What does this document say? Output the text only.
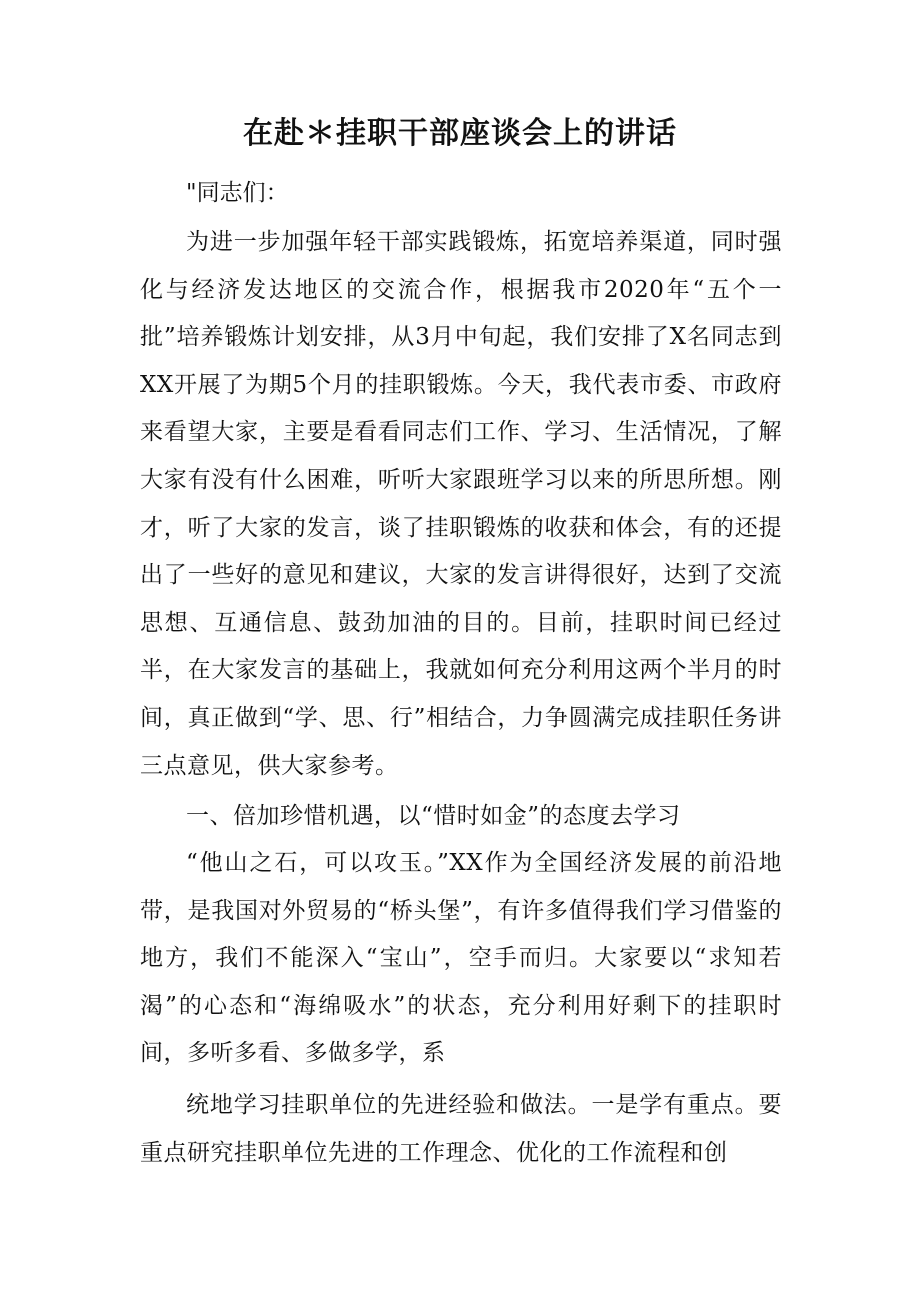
在赴＊挂职干部座谈会上的讲话
"同志们：

为进一步加强年轻干部实践锻炼，拓宽培养渠道，同时强化与经济发达地区的交流合作，根据我市2020年“五个一批”培养锻炼计划安排，从3月中旬起，我们安排了X名同志到XX开展了为期5个月的挂职锻炼。今天，我代表市委、市政府来看望大家，主要是看看同志们工作、学习、生活情况，了解大家有没有什么困难，听听大家跟班学习以来的所思所想。刚才，听了大家的发言，谈了挂职锻炼的收获和体会，有的还提出了一些好的意见和建议，大家的发言讲得很好，达到了交流思想、互通信息、鼓劲加油的目的。目前，挂职时间已经过半，在大家发言的基础上，我就如何充分利用这两个半月的时间，真正做到“学、思、行”相结合，力争圆满完成挂职任务讲三点意见，供大家参考。

一、倍加珍惜机遇，以“惜时如金”的态度去学习

“他山之石，可以攻玉。”XX作为全国经济发展的前沿地带，是我国对外贸易的“桥头堡”，有许多值得我们学习借鉴的地方，我们不能深入“宝山”，空手而归。大家要以“求知若渴”的心态和“海绵吸水”的状态，充分利用好剩下的挂职时间，多听多看、多做多学，系

统地学习挂职单位的先进经验和做法。一是学有重点。要重点研究挂职单位先进的工作理念、优化的工作流程和创
